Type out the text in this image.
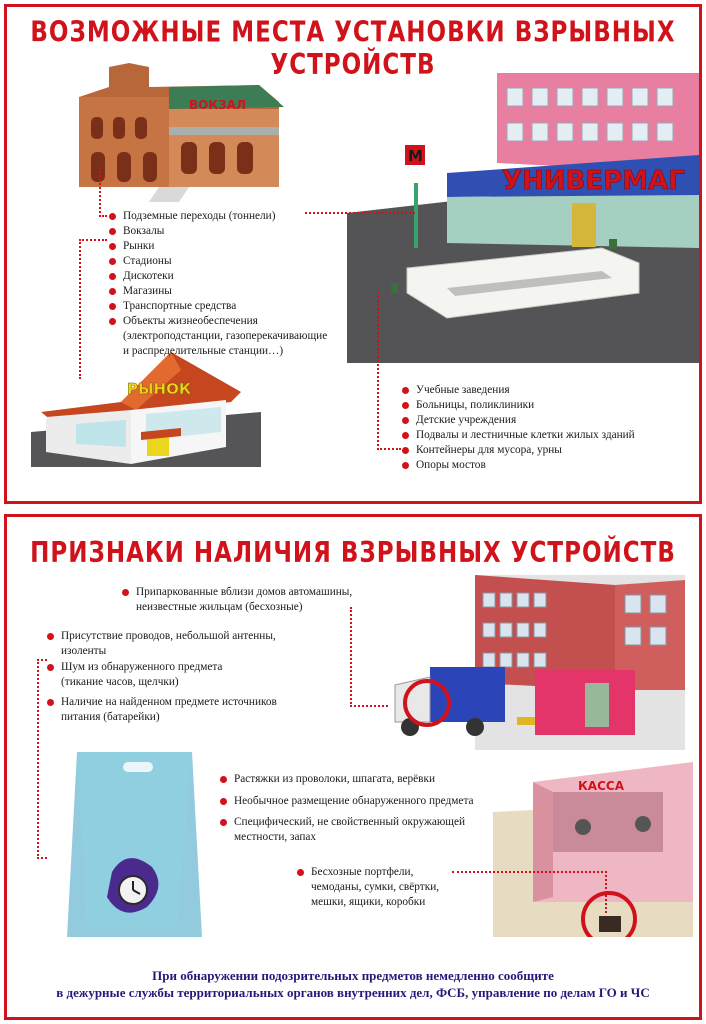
ВОЗМОЖНЫЕ МЕСТА УСТАНОВКИ ВЗРЫВНЫХ УСТРОЙСТВ
ВОКЗАЛ
УНИВЕРМАГ
М
РЫНОК
Подземные переходы (тоннели)
Вокзалы
Рынки
Стадионы
Дискотеки
Магазины
Транспортные средства
Объекты жизнеобеспечения
(электроподстанции, газоперекачивающие
и распределительные станции…)
Учебные заведения
Больницы, поликлиники
Детские учреждения
Подвалы и лестничные клетки жилых зданий
Контейнеры для мусора, урны
Опоры мостов
ПРИЗНАКИ НАЛИЧИЯ ВЗРЫВНЫХ УСТРОЙСТВ
КАССА
Припаркованные вблизи домов автомашины,
неизвестные жильцам (бесхозные)
Присутствие проводов, небольшой антенны,
изоленты
Шум из обнаруженного предмета
(тикание часов, щелчки)
Наличие на найденном предмете источников
питания (батарейки)
Растяжки из проволоки, шпагата, верёвки
Необычное размещение обнаруженного предмета
Специфический, не свойственный окружающей
местности, запах
Бесхозные портфели,
чемоданы, сумки, свёртки,
мешки, ящики, коробки
При обнаружении подозрительных предметов немедленно сообщите
в дежурные службы территориальных органов внутренних дел, ФСБ, управление по делам ГО и ЧС
